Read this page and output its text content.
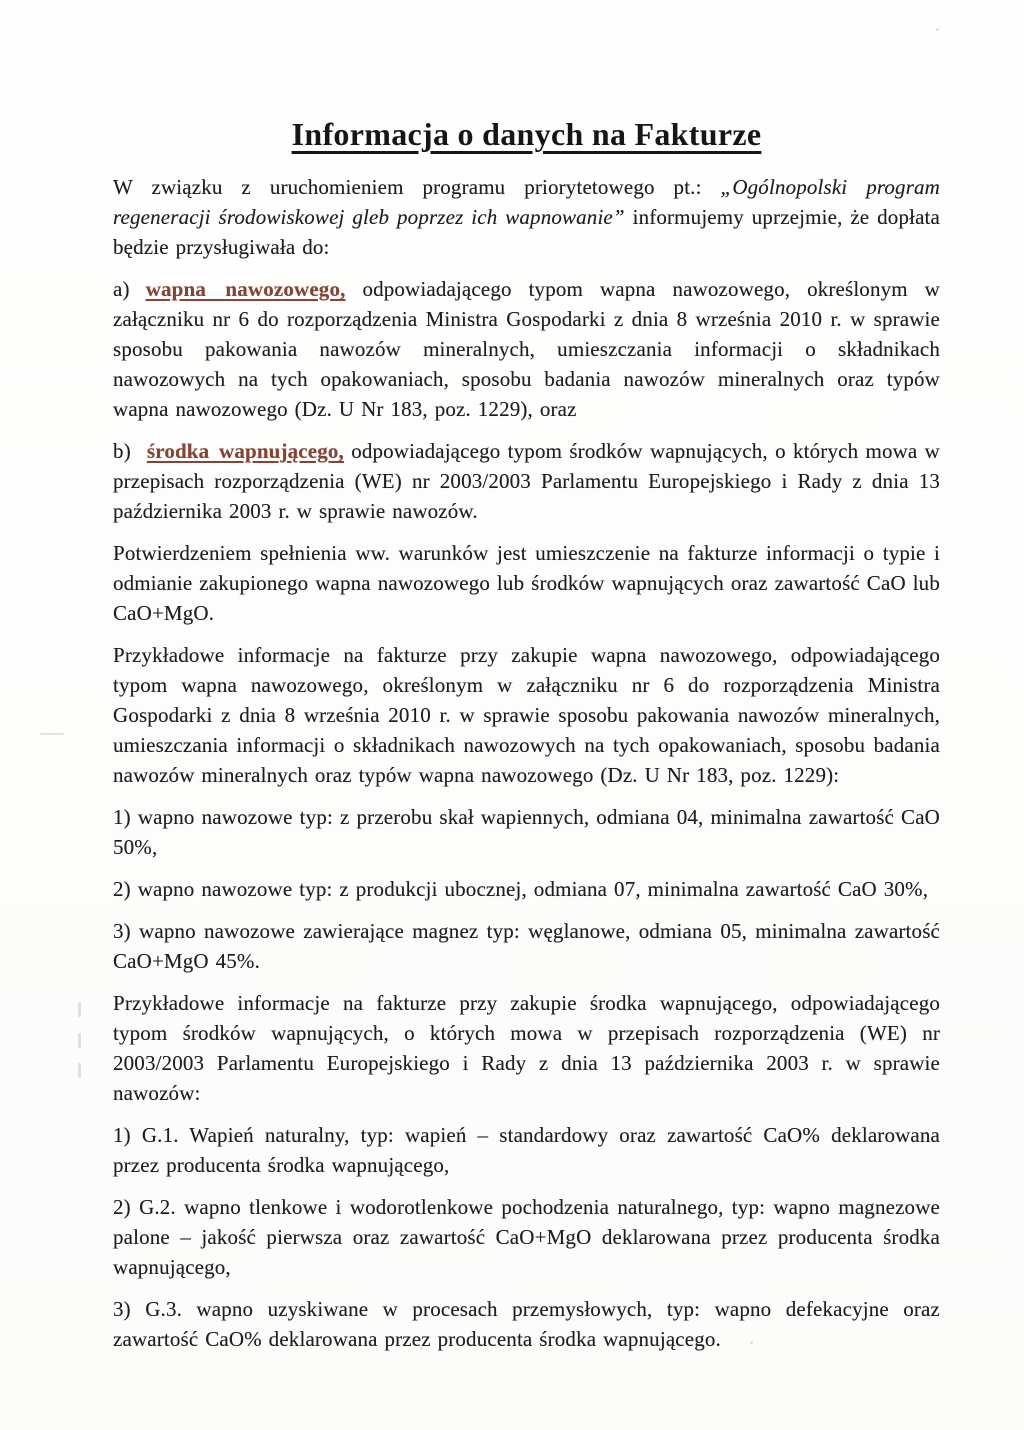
Informacja o danych na Fakturze

W związku z uruchomieniem programu priorytetowego pt.: „Ogólnopolski program regeneracji środowiskowej gleb poprzez ich wapnowanie” informujemy uprzejmie, że dopłata będzie przysługiwała do:

a) wapna nawozowego, odpowiadającego typom wapna nawozowego, określonym w załączniku nr 6 do rozporządzenia Ministra Gospodarki z dnia 8 września 2010 r. w sprawie sposobu pakowania nawozów mineralnych, umieszczania informacji o składnikach nawozowych na tych opakowaniach, sposobu badania nawozów mineralnych oraz typów wapna nawozowego (Dz. U Nr 183, poz. 1229), oraz

b) środka wapnującego, odpowiadającego typom środków wapnujących, o których mowa w przepisach rozporządzenia (WE) nr 2003/2003 Parlamentu Europejskiego i Rady z dnia 13 października 2003 r. w sprawie nawozów.

Potwierdzeniem spełnienia ww. warunków jest umieszczenie na fakturze informacji o typie i odmianie zakupionego wapna nawozowego lub środków wapnujących oraz zawartość CaO lub CaO+MgO.

Przykładowe informacje na fakturze przy zakupie wapna nawozowego, odpowiadającego typom wapna nawozowego, określonym w załączniku nr 6 do rozporządzenia Ministra Gospodarki z dnia 8 września 2010 r. w sprawie sposobu pakowania nawozów mineralnych, umieszczania informacji o składnikach nawozowych na tych opakowaniach, sposobu badania nawozów mineralnych oraz typów wapna nawozowego (Dz. U Nr 183, poz. 1229):

1) wapno nawozowe typ: z przerobu skał wapiennych, odmiana 04, minimalna zawartość CaO 50%,

2) wapno nawozowe typ: z produkcji ubocznej, odmiana 07, minimalna zawartość CaO 30%,

3) wapno nawozowe zawierające magnez typ: węglanowe, odmiana 05, minimalna zawartość CaO+MgO 45%.

Przykładowe informacje na fakturze przy zakupie środka wapnującego, odpowiadającego typom środków wapnujących, o których mowa w przepisach rozporządzenia (WE) nr 2003/2003 Parlamentu Europejskiego i Rady z dnia 13 października 2003 r. w sprawie nawozów:

1) G.1. Wapień naturalny, typ: wapień – standardowy oraz zawartość CaO% deklarowana przez producenta środka wapnującego,

2) G.2. wapno tlenkowe i wodorotlenkowe pochodzenia naturalnego, typ: wapno magnezowe palone – jakość pierwsza oraz zawartość CaO+MgO deklarowana przez producenta środka wapnującego,

3) G.3. wapno uzyskiwane w procesach przemysłowych, typ: wapno defekacyjne oraz zawartość CaO% deklarowana przez producenta środka wapnującego.
